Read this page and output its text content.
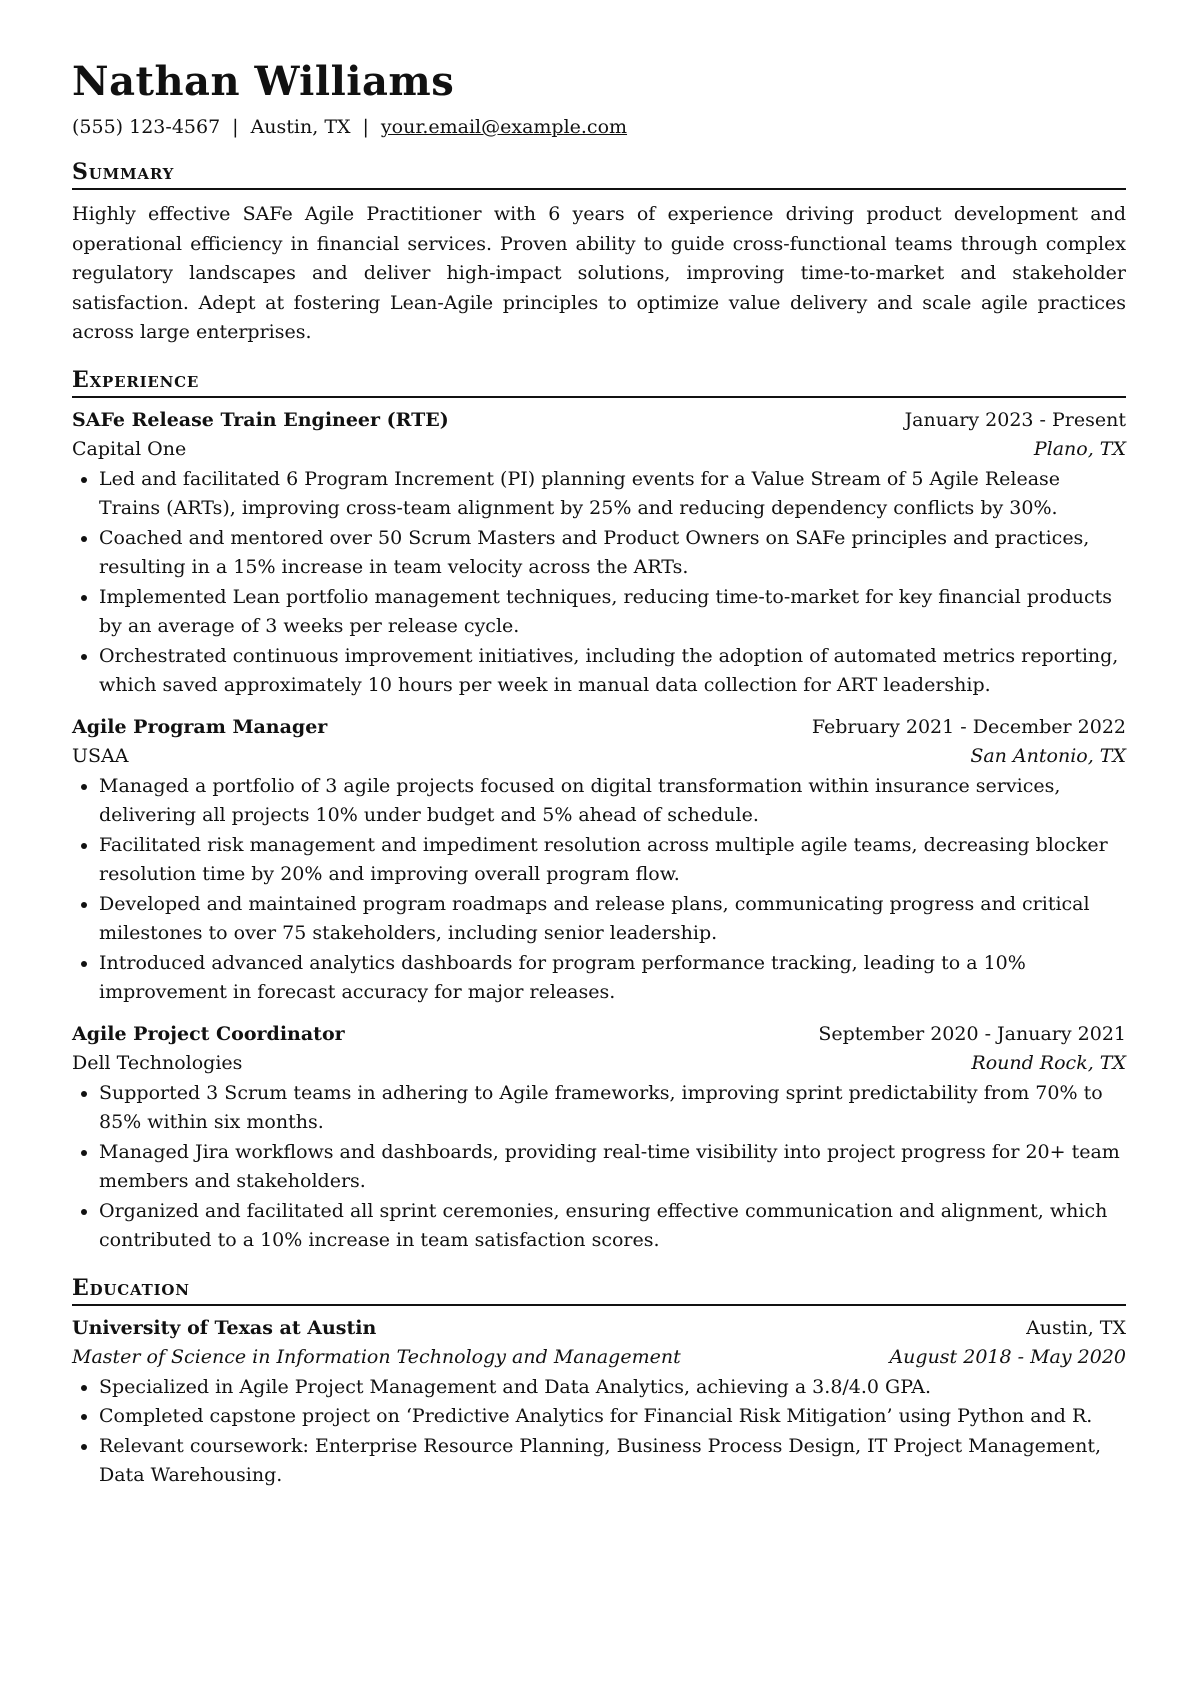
Nathan Williams
(555) 123-4567 | Austin, TX | your.email@example.com
Summary
Highly effective SAFe Agile Practitioner with 6 years of experience driving product development and operational efficiency in financial services. Proven ability to guide cross-functional teams through complex regulatory landscapes and deliver high-impact solutions, improving time-to-market and stakeholder satisfaction. Adept at fostering Lean-Agile principles to optimize value delivery and scale agile practices across large enterprises.
Experience
SAFe Release Train Engineer (RTE)	January 2023 - Present
Capital One	Plano, TX
• Led and facilitated 6 Program Increment (PI) planning events for a Value Stream of 5 Agile Release Trains (ARTs), improving cross-team alignment by 25% and reducing dependency conflicts by 30%.
• Coached and mentored over 50 Scrum Masters and Product Owners on SAFe principles and practices, resulting in a 15% increase in team velocity across the ARTs.
• Implemented Lean portfolio management techniques, reducing time-to-market for key financial products by an average of 3 weeks per release cycle.
• Orchestrated continuous improvement initiatives, including the adoption of automated metrics reporting, which saved approximately 10 hours per week in manual data collection for ART leadership.
Agile Program Manager	February 2021 - December 2022
USAA	San Antonio, TX
• Managed a portfolio of 3 agile projects focused on digital transformation within insurance services, delivering all projects 10% under budget and 5% ahead of schedule.
• Facilitated risk management and impediment resolution across multiple agile teams, decreasing blocker resolution time by 20% and improving overall program flow.
• Developed and maintained program roadmaps and release plans, communicating progress and critical milestones to over 75 stakeholders, including senior leadership.
• Introduced advanced analytics dashboards for program performance tracking, leading to a 10% improvement in forecast accuracy for major releases.
Agile Project Coordinator	September 2020 - January 2021
Dell Technologies	Round Rock, TX
• Supported 3 Scrum teams in adhering to Agile frameworks, improving sprint predictability from 70% to 85% within six months.
• Managed Jira workflows and dashboards, providing real-time visibility into project progress for 20+ team members and stakeholders.
• Organized and facilitated all sprint ceremonies, ensuring effective communication and alignment, which contributed to a 10% increase in team satisfaction scores.
Education
University of Texas at Austin	Austin, TX
Master of Science in Information Technology and Management	August 2018 - May 2020
• Specialized in Agile Project Management and Data Analytics, achieving a 3.8/4.0 GPA.
• Completed capstone project on ‘Predictive Analytics for Financial Risk Mitigation’ using Python and R.
• Relevant coursework: Enterprise Resource Planning, Business Process Design, IT Project Management, Data Warehousing.
